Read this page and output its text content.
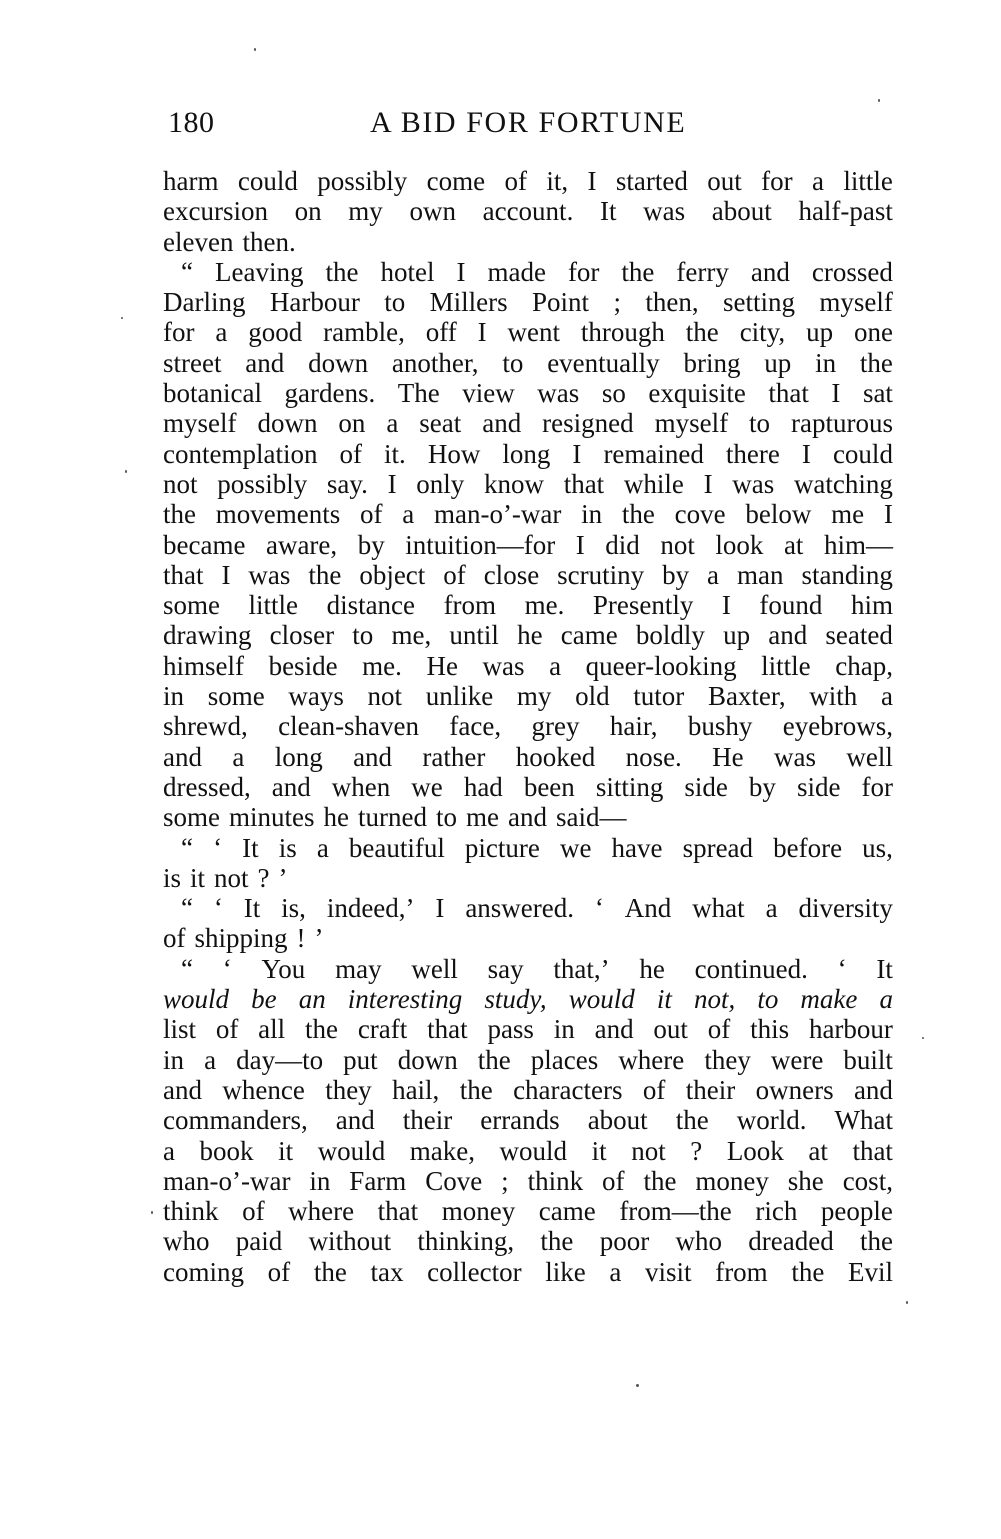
180	A BID FOR FORTUNE
harm could possibly come of it, I started out for a little
excursion on my own account. It was about half-past
eleven then.
“ Leaving the hotel I made for the ferry and crossed
Darling Harbour to Millers Point ; then, setting myself
for a good ramble, off I went through the city, up one
street and down another, to eventually bring up in the
botanical gardens. The view was so exquisite that I sat
myself down on a seat and resigned myself to rapturous
contemplation of it. How long I remained there I could
not possibly say. I only know that while I was watching
the movements of a man-o’-war in the cove below me I
became aware, by intuition—for I did not look at him—
that I was the object of close scrutiny by a man standing
some little distance from me. Presently I found him
drawing closer to me, until he came boldly up and seated
himself beside me. He was a queer-looking little chap,
in some ways not unlike my old tutor Baxter, with a
shrewd, clean-shaven face, grey hair, bushy eyebrows,
and a long and rather hooked nose. He was well
dressed, and when we had been sitting side by side for
some minutes he turned to me and said—
“ ‘ It is a beautiful picture we have spread before us,
is it not ? ’
“ ‘ It is, indeed,’ I answered. ‘ And what a diversity
of shipping ! ’
“ ‘ You may well say that,’ he continued. ‘ It
would be an interesting study, would it not, to make a
list of all the craft that pass in and out of this harbour
in a day—to put down the places where they were built
and whence they hail, the characters of their owners and
commanders, and their errands about the world. What
a book it would make, would it not ? Look at that
man-o’-war in Farm Cove ; think of the money she cost,
think of where that money came from—the rich people
who paid without thinking, the poor who dreaded the
coming of the tax collector like a visit from the Evil
